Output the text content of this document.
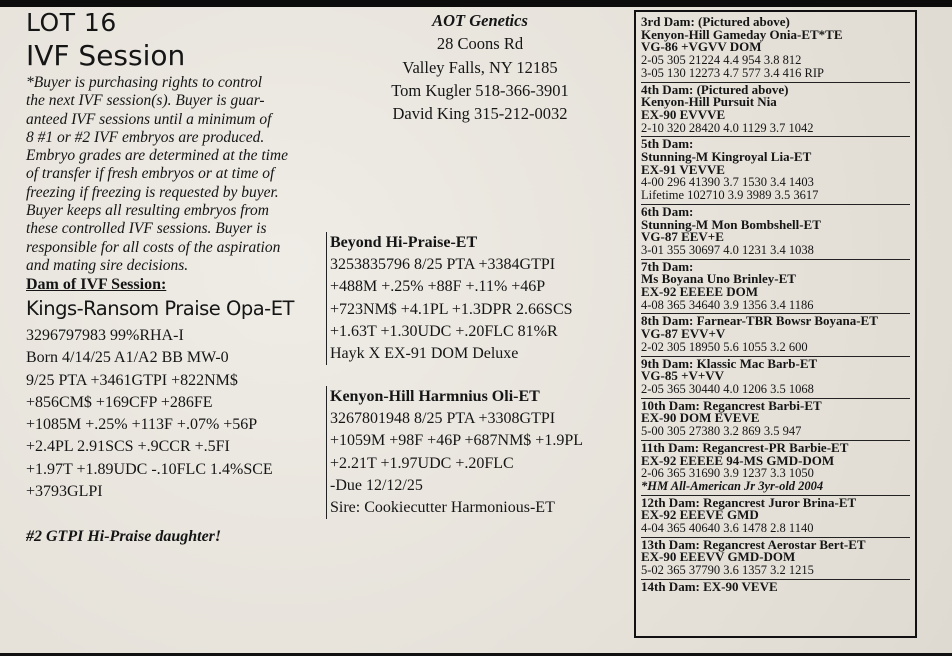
LOT 16
IVF Session
*Buyer is purchasing rights to control
the next IVF session(s). Buyer is guar-
anteed IVF sessions until a minimum of
8 #1 or #2 IVF embryos are produced.
Embryo grades are determined at the time
of transfer if fresh embryos or at time of
freezing if freezing is requested by buyer.
Buyer keeps all resulting embryos from
these controlled IVF sessions. Buyer is
responsible for all costs of the aspiration
and mating sire decisions.
Dam of IVF Session:
Kings-Ransom Praise Opa-ET
3296797983 99%RHA-I
Born 4/14/25 A1/A2 BB MW-0
9/25 PTA +3461GTPI +822NM$
+856CM$ +169CFP +286FE
+1085M +.25% +113F +.07% +56P
+2.4PL 2.91SCS +.9CCR +.5FI
+1.97T +1.89UDC -.10FLC 1.4%SCE
+3793GLPI
#2 GTPI Hi-Praise daughter!
AOT Genetics
28 Coons Rd
Valley Falls, NY 12185
Tom Kugler 518-366-3901
David King 315-212-0032
Beyond Hi-Praise-ET
3253835796 8/25 PTA +3384GTPI
+488M +.25% +88F +.11% +46P
+723NM$ +4.1PL +1.3DPR 2.66SCS
+1.63T +1.30UDC +.20FLC 81%R
Hayk X EX-91 DOM Deluxe
Kenyon-Hill Harmnius Oli-ET
3267801948 8/25 PTA +3308GTPI
+1059M +98F +46P +687NM$ +1.9PL
+2.21T +1.97UDC +.20FLC
-Due 12/12/25
Sire: Cookiecutter Harmonious-ET
3rd Dam: (Pictured above)
Kenyon-Hill Gameday Onia-ET*TE
VG-86 +VGVV DOM
2-05 305 21224 4.4 954 3.8 812
3-05 130 12273 4.7 577 3.4 416 RIP
4th Dam: (Pictured above)
Kenyon-Hill Pursuit Nia
EX-90 EVVVE
2-10 320 28420 4.0 1129 3.7 1042
5th Dam:
Stunning-M Kingroyal Lia-ET
EX-91 VEVVE
4-00 296 41390 3.7 1530 3.4 1403
Lifetime 102710 3.9 3989 3.5 3617
6th Dam:
Stunning-M Mon Bombshell-ET
VG-87 EEV+E
3-01 355 30697 4.0 1231 3.4 1038
7th Dam:
Ms Boyana Uno Brinley-ET
EX-92 EEEEE DOM
4-08 365 34640 3.9 1356 3.4 1186
8th Dam: Farnear-TBR Bowsr Boyana-ET
VG-87 EVV+V
2-02 305 18950 5.6 1055 3.2 600
9th Dam: Klassic Mac Barb-ET
VG-85 +V+VV
2-05 365 30440 4.0 1206 3.5 1068
10th Dam: Regancrest Barbi-ET
EX-90 DOM EVEVE
5-00 305 27380 3.2 869 3.5 947
11th Dam: Regancrest-PR Barbie-ET
EX-92 EEEEE 94-MS GMD-DOM
2-06 365 31690 3.9 1237 3.3 1050
*HM All-American Jr 3yr-old 2004
12th Dam: Regancrest Juror Brina-ET
EX-92 EEEVE GMD
4-04 365 40640 3.6 1478 2.8 1140
13th Dam: Regancrest Aerostar Bert-ET
EX-90 EEEVV GMD-DOM
5-02 365 37790 3.6 1357 3.2 1215
14th Dam: EX-90 VEVE
